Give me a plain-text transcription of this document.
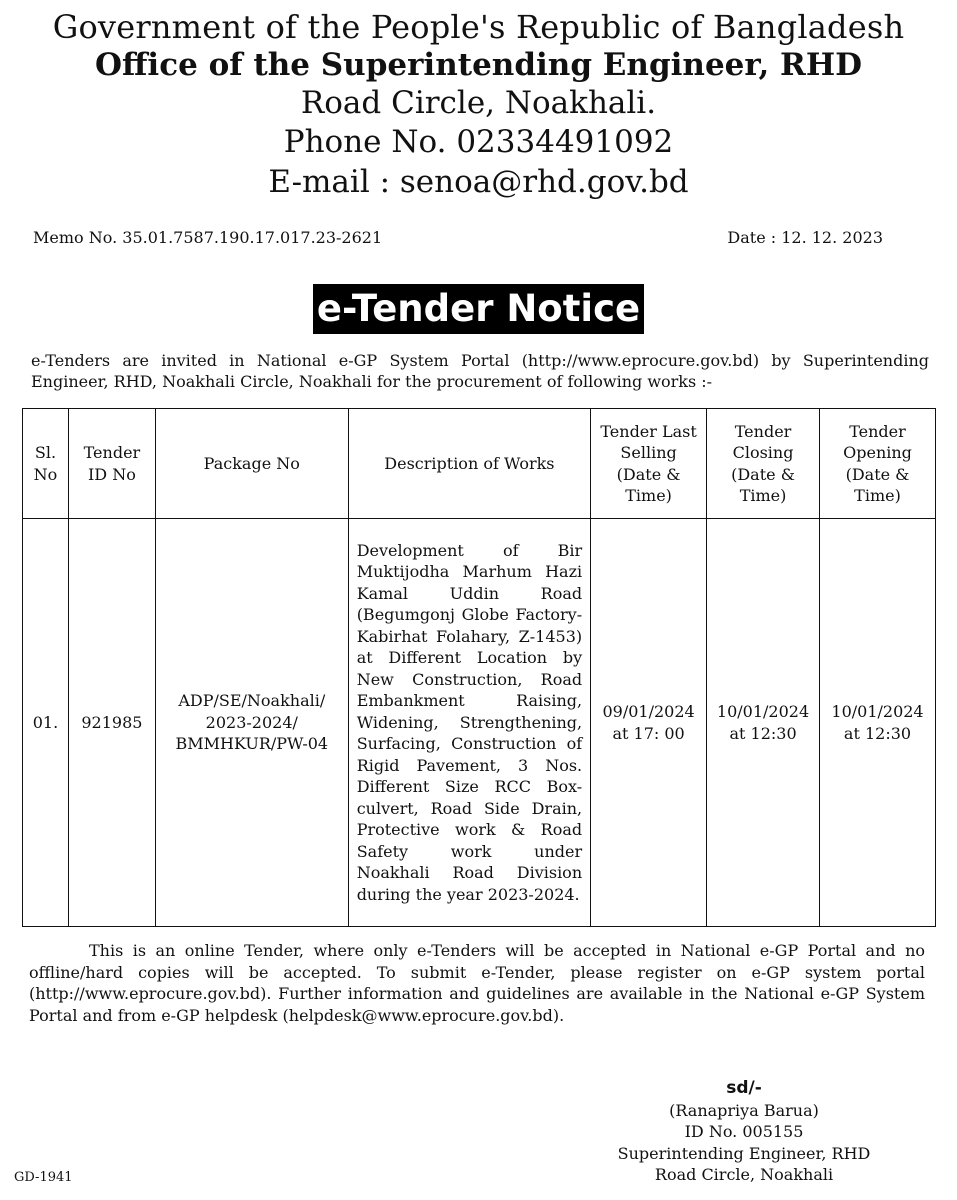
Government of the People's Republic of Bangladesh
Office of the Superintending Engineer, RHD
Road Circle, Noakhali.
Phone No. 02334491092
E-mail : senoa@rhd.gov.bd
Memo No. 35.01.7587.190.17.017.23-2621	Date : 12. 12. 2023
e-Tender Notice
e-Tenders are invited in National e-GP System Portal (http://www.eprocure.gov.bd) by Superintending Engineer, RHD, Noakhali Circle, Noakhali for the procurement of following works :-
Sl. No	Tender ID No	Package No	Description of Works	Tender Last Selling (Date & Time)	Tender Closing (Date & Time)	Tender Opening (Date & Time)
01.	921985	ADP/SE/Noakhali/ 2023-2024/ BMMHKUR/PW-04	Development of Bir Muktijodha Marhum Hazi Kamal Uddin Road (Begumgonj Globe Factory-Kabirhat Folahary, Z-1453) at Different Location by New Construction, Road Embankment Raising, Widening, Strengthening, Surfacing, Construction of Rigid Pavement, 3 Nos. Different Size RCC Box-culvert, Road Side Drain, Protective work & Road Safety work under Noakhali Road Division during the year 2023-2024.	09/01/2024 at 17: 00	10/01/2024 at 12:30	10/01/2024 at 12:30
This is an online Tender, where only e-Tenders will be accepted in National e-GP Portal and no offline/hard copies will be accepted. To submit e-Tender, please register on e-GP system portal (http://www.eprocure.gov.bd). Further information and guidelines are available in the National e-GP System Portal and from e-GP helpdesk (helpdesk@www.eprocure.gov.bd).
sd/-
(Ranapriya Barua)
ID No. 005155
Superintending Engineer, RHD
Road Circle, Noakhali
GD-1941
